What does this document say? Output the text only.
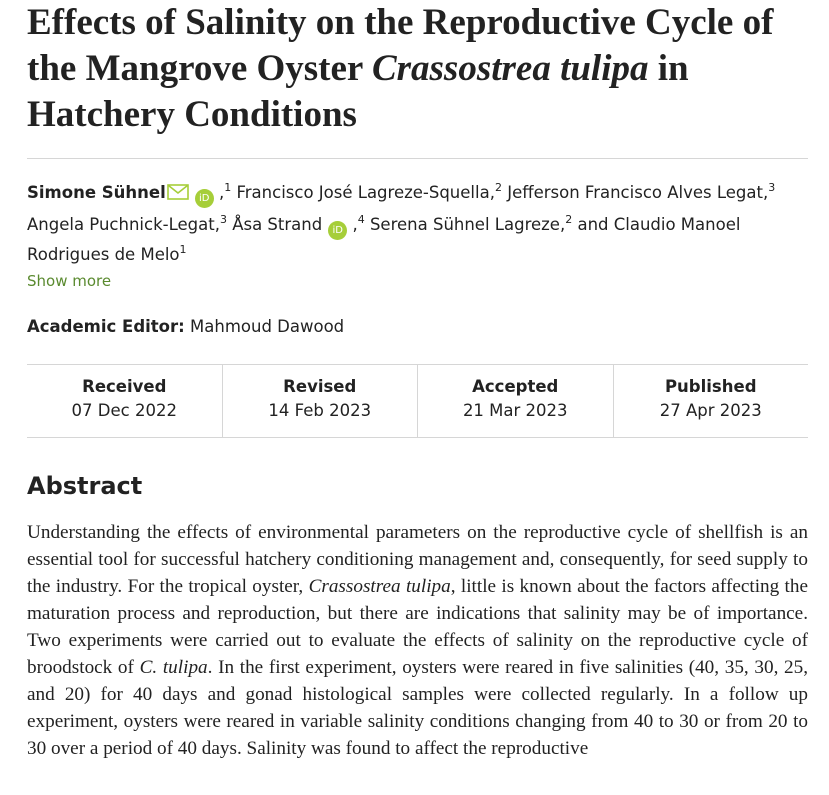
Effects of Salinity on the Reproductive Cycle of the Mangrove Oyster Crassostrea tulipa in Hatchery Conditions
Simone Sühnel	iD ,$^1$ Francisco José Lagreze-Squella,$^2$ Jefferson Francisco Alves Legat,$^3$ Angela Puchnick-Legat,$^3$ Åsa Strand iD ,$^4$ Serena Sühnel Lagreze,$^2$ and Claudio Manoel Rodrigues de Melo$^1$
Show more
Academic Editor: Mahmoud Dawood
Received
07 Dec 2022
Revised
14 Feb 2023
Accepted
21 Mar 2023
Published
27 Apr 2023
Abstract

Understanding the effects of environmental parameters on the reproductive cycle of shellfish is an essential tool for successful hatchery conditioning management and, consequently, for seed supply to the industry. For the tropical oyster, Crassostrea tulipa, little is known about the factors affecting the maturation process and reproduction, but there are indications that salinity may be of importance. Two experiments were carried out to evaluate the effects of salinity on the reproductive cycle of broodstock of C. tulipa. In the first experiment, oysters were reared in five salinities (40, 35, 30, 25, and 20) for 40 days and gonad histological samples were collected regularly. In a follow up experiment, oysters were reared in variable salinity conditions changing from 40 to 30 or from 20 to 30 over a period of 40 days. Salinity was found to affect the reproductive
